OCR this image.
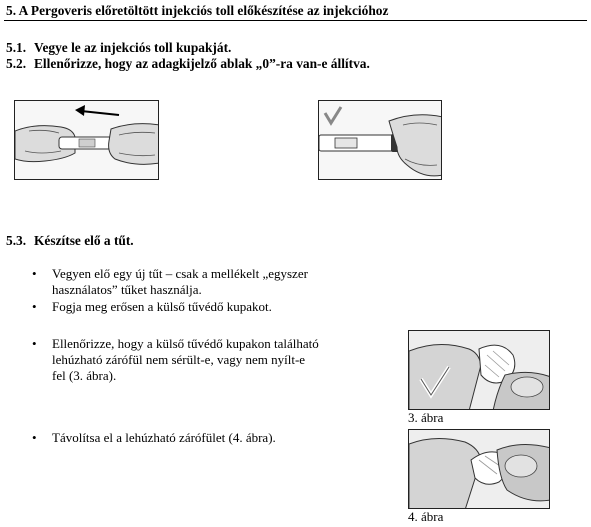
5. A Pergoveris előretöltött injekciós toll előkészítése az injekcióhoz
5.1. Vegye le az injekciós toll kupakját.
5.2. Ellenőrizze, hogy az adagkijelző ablak „0”-ra van-e állítva.
5.3. Készítse elő a tűt.
• Vegyen elő egy új tűt – csak a mellékelt „egyszer
használatos” tűket használja.
• Fogja meg erősen a külső tűvédő kupakot.
• Ellenőrizze, hogy a külső tűvédő kupakon található
lehúzható zárófül nem sérült-e, vagy nem nyílt-e
fel (3. ábra).
• Távolítsa el a lehúzható zárófület (4. ábra).
3. ábra
4. ábra
